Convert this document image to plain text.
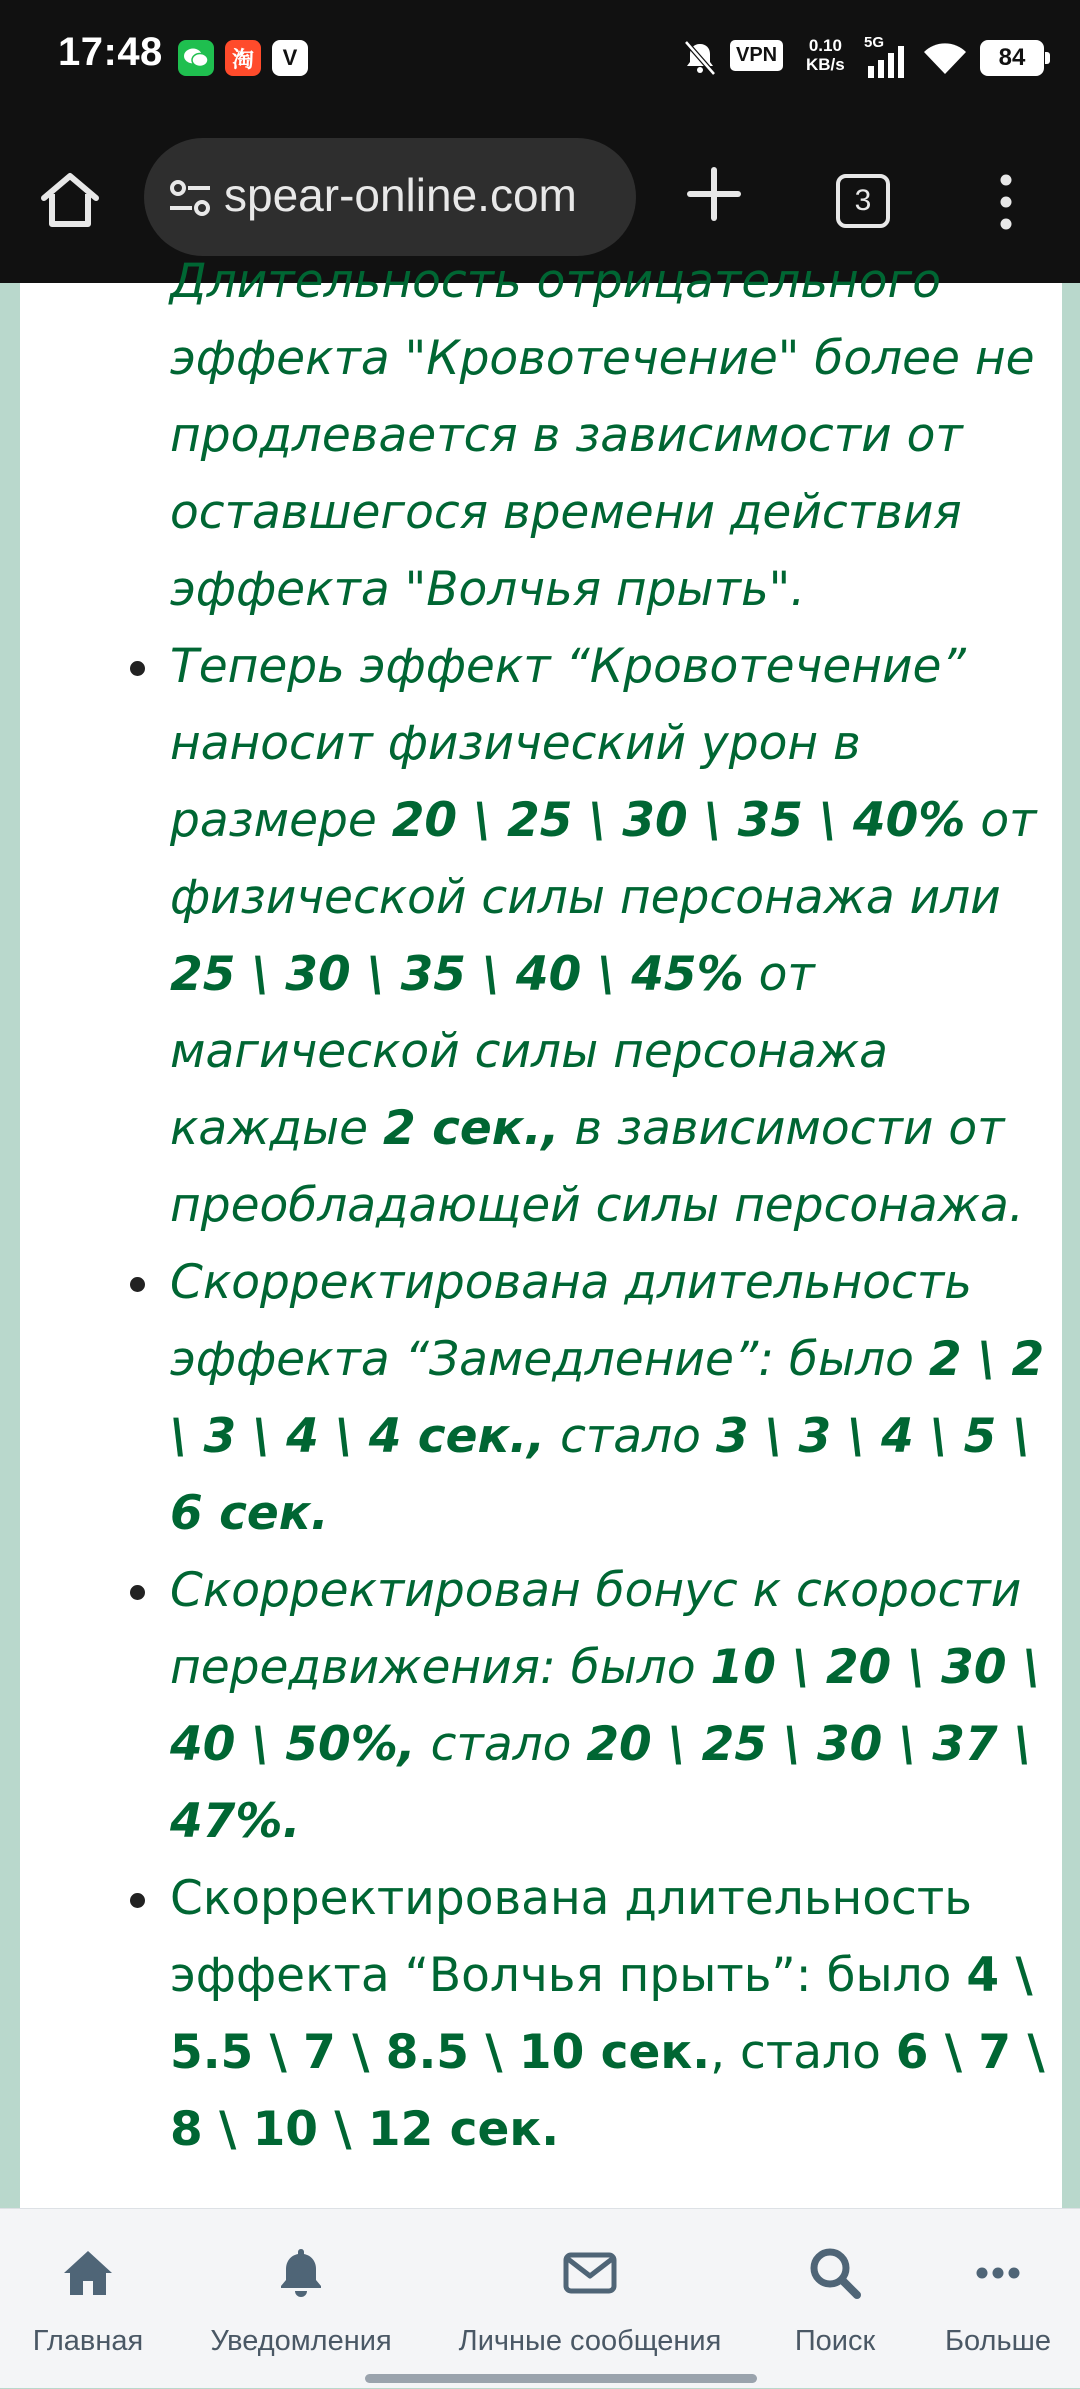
17:48	淘	V	VPN	0.10
KB/s
5G
84
spear-online.com	3
Длительность отрицательного эффекта "Кровотечение" более не продлевается в зависимости от оставшегося времени действия эффекта "Волчья прыть".
Теперь эффект “Кровотечение” наносит физический урон в размере 20 \ 25 \ 30 \ 35 \ 40% от физической силы персонажа или 25 \ 30 \ 35 \ 40 \ 45% от магической силы персонажа каждые 2 сек., в зависимости от преобладающей силы персонажа.
Скорректирована длительность эффекта “Замедление”: было 2 \ 2 \ 3 \ 4 \ 4 сек., стало 3 \ 3 \ 4 \ 5 \ 6 сек.
Скорректирован бонус к скорости передвижения: было 10 \ 20 \ 30 \ 40 \ 50%, стало 20 \ 25 \ 30 \ 37 \ 47%.
Скорректирована длительность эффекта “Волчья прыть”: было 4 \ 5.5 \ 7 \ 8.5 \ 10 сек., стало 6 \ 7 \ 8 \ 10 \ 12 сек.
Главная Уведомления Личные сообщения	Поиск Больше
